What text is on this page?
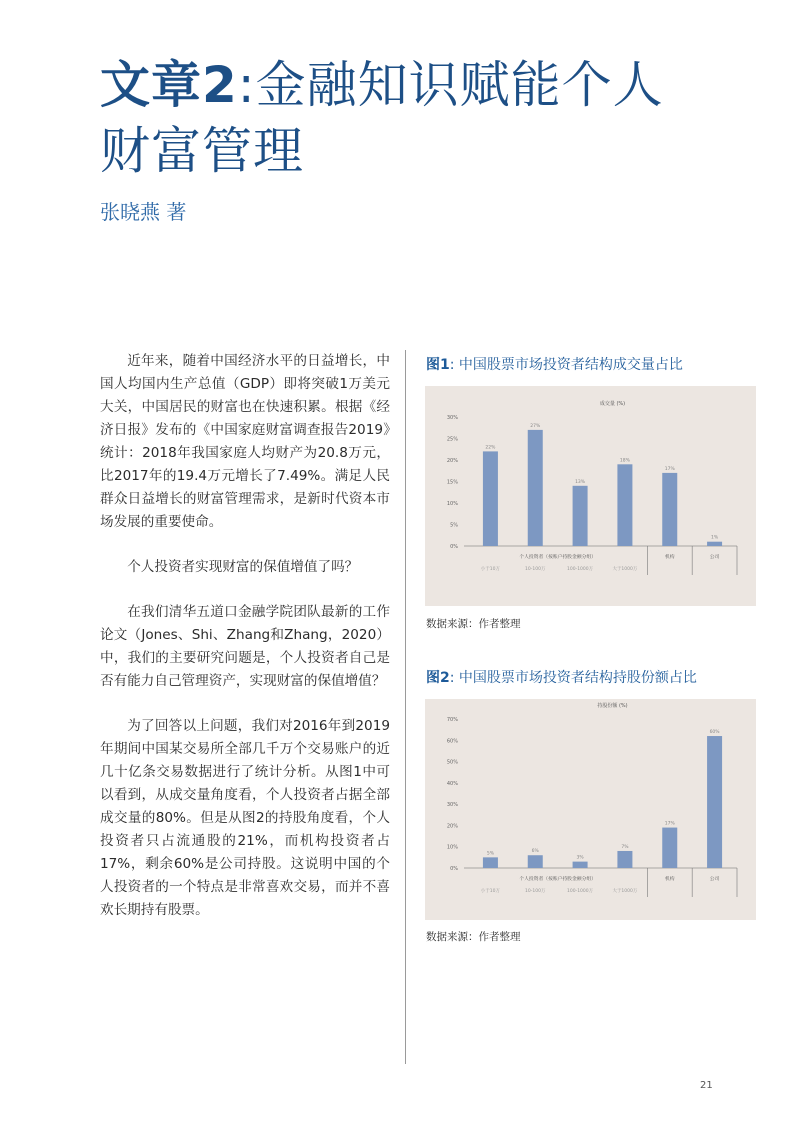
文章2:金融知识赋能个人
财富管理
张晓燕 著

近年来，随着中国经济水平的日益增长，中国人均国内生产总值（GDP）即将突破1万美元大关，中国居民的财富也在快速积累。根据《经济日报》发布的《中国家庭财富调查报告2019》统计：2018年我国家庭人均财产为20.8万元，比2017年的19.4万元增长了7.49%。满足人民群众日益增长的财富管理需求，是新时代资本市场发展的重要使命。

个人投资者实现财富的保值增值了吗？

在我们清华五道口金融学院团队最新的工作论文（Jones、Shi、Zhang和Zhang，2020）中，我们的主要研究问题是，个人投资者自己是否有能力自己管理资产，实现财富的保值增值？

为了回答以上问题，我们对2016年到2019年期间中国某交易所全部几千万个交易账户的近几十亿条交易数据进行了统计分析。从图1中可以看到，从成交量角度看，个人投资者占据全部成交量的80%。但是从图2的持股角度看，个人投资者只占流通股的21%，而机构投资者占17%，剩余60%是公司持股。这说明中国的个人投资者的一个特点是非常喜欢交易，而并不喜欢长期持有股票。

图1: 中国股票市场投资者结构成交量占比
成交量 (%)
0%
5%
10%
15%
20%
25%
30%
22%
小于10万
27%
10-100万
13%
100-1000万
18%
大于1000万
17%
1%
个人投资者（按账户持股金额分组）	机构	公司
数据来源：作者整理
图2: 中国股票市场投资者结构持股份额占比
持股份额 (%)
0%
10%
20%
30%
40%
50%
60%
70%
5%
小于10万
6%
10-100万
3%
100-1000万
7%
大于1000万
17%
60%
个人投资者（按账户持股金额分组）	机构	公司
数据来源：作者整理
21
